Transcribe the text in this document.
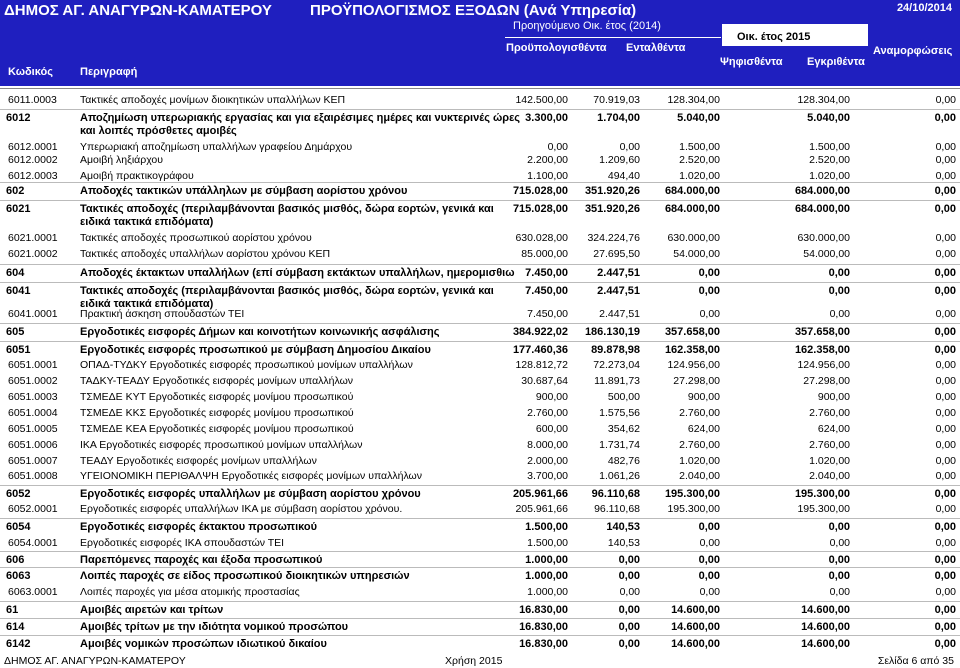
ΔΗΜΟΣ ΑΓ. ΑΝΑΓΥΡΩΝ-ΚΑΜΑΤΕΡΟΥ	ΠΡΟΫΠΟΛΟΓΙΣΜΟΣ ΕΞΟΔΩΝ (Ανά Υπηρεσία)	24/10/2014
Προηγούμενο Οικ. έτος (2014)
Οικ. έτος 2015
Κωδικός Περιγραφή
Προϋπολογισθέντα Ενταλθέντα
Ψηφισθέντα Εγκριθέντα
Αναμορφώσεις
6011.0003 Τακτικές αποδοχές μονίμων διοικητικών υπαλλήλων ΚΕΠ	142.500,00 70.919,03	128.304,00	128.304,00	0,00
6012	Αποζημίωση υπερωριακής εργασίας και για εξαιρέσιμες ημέρες και νυκτερινές ώρες
και λοιπές πρόσθετες αμοιβές
3.300,00	1.704,00	5.040,00	5.040,00	0,00
6012.0001 Υπερωριακή αποζημίωση υπαλλήλων γραφείου Δημάρχου	0,00	0,00	1.500,00	1.500,00	0,00
6012.0002 Αμοιβή ληξιάρχου	2.200,00	1.209,60	2.520,00	2.520,00	0,00
6012.0003 Αμοιβή πρακτικογράφου	1.100,00	494,40	1.020,00	1.020,00	0,00
602	Αποδοχές τακτικών υπάλληλων με σύμβαση αορίστου χρόνου	715.028,00 351.920,26 684.000,00	684.000,00	0,00
6021	Τακτικές αποδοχές (περιλαμβάνονται βασικός μισθός, δώρα εορτών, γενικά και
ειδικά τακτικά επιδόματα)
715.028,00 351.920,26 684.000,00	684.000,00	0,00
6021.0001 Τακτικές αποδοχές προσωπικού αορίστου χρόνου	630.028,00 324.224,76	630.000,00	630.000,00	0,00
6021.0002 Τακτικές αποδοχές υπαλλήλων αορίστου χρόνου ΚΕΠ	85.000,00 27.695,50	54.000,00	54.000,00	0,00
604	Αποδοχές έκτακτων υπαλλήλων (επί σύμβαση εκτάκτων υπαλλήλων, ημερομισθιω 7.450,00	2.447,51	0,00	0,00	0,00
6041	Τακτικές αποδοχές (περιλαμβάνονται βασικός μισθός, δώρα εορτών, γενικά και
ειδικά τακτικά επιδόματα)
7.450,00	2.447,51	0,00	0,00	0,00
6041.0001 Πρακτική άσκηση σπουδαστών ΤΕΙ	7.450,00	2.447,51	0,00	0,00	0,00
605	Εργοδοτικές εισφορές Δήμων και κοινοτήτων κοινωνικής ασφάλισης	384.922,02 186.130,19 357.658,00	357.658,00	0,00
6051	Εργοδοτικές εισφορές προσωπικού με σύμβαση Δημοσίου Δικαίου	177.460,36 89.878,98 162.358,00	162.358,00	0,00
6051.0001 ΟΠΑΔ-ΤΥΔΚΥ Εργοδοτικές εισφορές προσωπικού μονίμων υπαλλήλων	128.812,72 72.273,04	124.956,00	124.956,00	0,00
6051.0002 ΤΑΔΚΥ-ΤΕΑΔΥ Εργοδοτικές εισφορές μονίμων υπαλλήλων	30.687,64 11.891,73	27.298,00	27.298,00	0,00
6051.0003 ΤΣΜΕΔΕ ΚΥΤ Εργοδοτικές εισφορές μονίμου προσωπικού	900,00	500,00	900,00	900,00	0,00
6051.0004 ΤΣΜΕΔΕ ΚΚΣ Εργοδοτικές εισφορές μονίμου προσωπικού	2.760,00	1.575,56	2.760,00	2.760,00	0,00
6051.0005 ΤΣΜΕΔΕ ΚΕΑ Εργοδοτικές εισφορές μονίμου προσωπικού	600,00	354,62	624,00	624,00	0,00
6051.0006 ΙΚΑ Εργοδοτικές εισφορές προσωπικού μονίμων υπαλλήλων	8.000,00	1.731,74	2.760,00	2.760,00	0,00
6051.0007 ΤΕΑΔΥ Εργοδοτικές εισφορές μονίμων υπαλλήλων	2.000,00	482,76	1.020,00	1.020,00	0,00
6051.0008 ΥΓΕΙΟΝΟΜΙΚΗ ΠΕΡΙΘΑΛΨΗ Εργοδοτικές εισφορές μονίμων υπαλλήλων	3.700,00	1.061,26	2.040,00	2.040,00	0,00
6052	Εργοδοτικές εισφορές υπαλλήλων με σύμβαση αορίστου χρόνου	205.961,66 96.110,68 195.300,00	195.300,00	0,00
6052.0001 Εργοδοτικές εισφορές υπαλλήλων ΙΚΑ με σύμβαση αορίστου χρόνου.	205.961,66 96.110,68	195.300,00	195.300,00	0,00
6054	Εργοδοτικές εισφορές έκτακτου προσωπικού	1.500,00	140,53	0,00	0,00	0,00
6054.0001 Εργοδοτικές εισφορές ΙΚΑ σπουδαστών ΤΕΙ	1.500,00	140,53	0,00	0,00	0,00
606	Παρεπόμενες παροχές και έξοδα προσωπικού	1.000,00	0,00	0,00	0,00	0,00
6063	Λοιπές παροχές σε είδος προσωπικού διοικητικών υπηρεσιών	1.000,00	0,00	0,00	0,00	0,00
6063.0001 Λοιπές παροχές για μέσα ατομικής προστασίας	1.000,00	0,00	0,00	0,00	0,00
61	Αμοιβές αιρετών και τρίτων	16.830,00	0,00	14.600,00	14.600,00	0,00
614	Αμοιβές τρίτων με την ιδιότητα νομικού προσώπου	16.830,00	0,00	14.600,00	14.600,00	0,00
6142	Αμοιβές νομικών προσώπων ιδιωτικού δικαίου	16.830,00	0,00	14.600,00	14.600,00	0,00
ΔΗΜΟΣ ΑΓ. ΑΝΑΓΥΡΩΝ-ΚΑΜΑΤΕΡΟΥ	Χρήση 2015	Σελίδα 6 από 35
